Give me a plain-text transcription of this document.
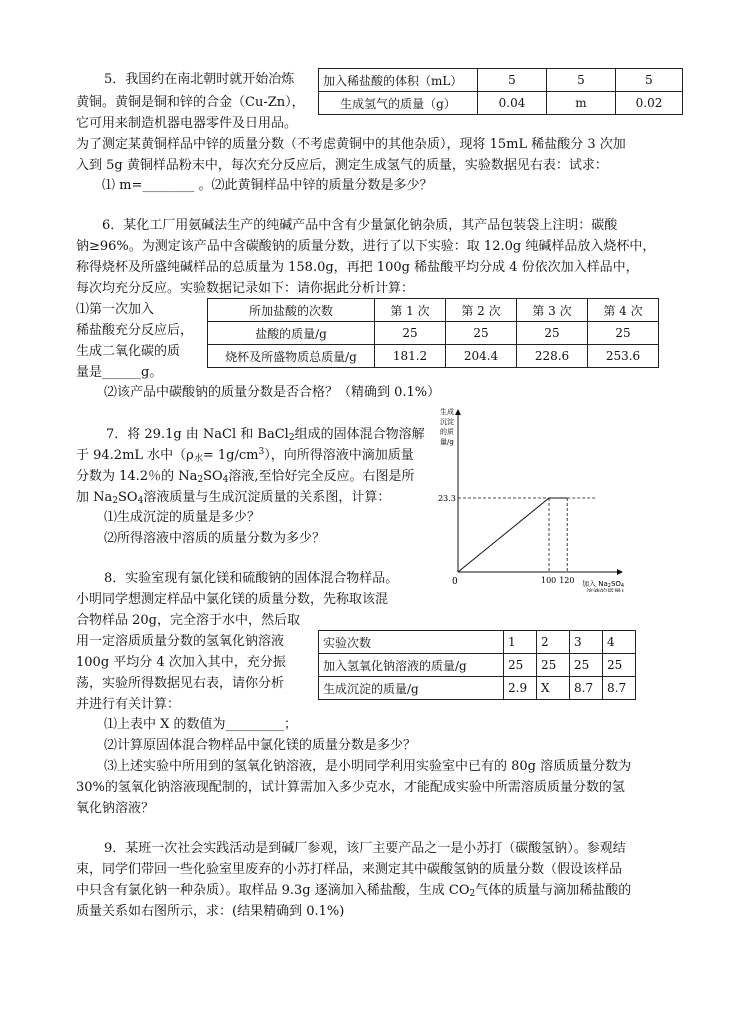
5．我国约在南北朝时就开始冶炼
黄铜。黄铜是铜和锌的合金（Cu-Zn），
它可用来制造机器电器零件及日用品。
为了测定某黄铜样品中锌的质量分数（不考虑黄铜中的其他杂质），现将 15mL 稀盐酸分 3 次加
入到 5g 黄铜样品粉末中，每次充分反应后，测定生成氢气的质量，实验数据见右表：试求：
⑴ m=________ 。⑵此黄铜样品中锌的质量分数是多少？
加入稀盐酸的体积（mL）	5	5	5
生成氢气的质量（g）	0.04	m	0.02
6．某化工厂用氨碱法生产的纯碱产品中含有少量氯化钠杂质，其产品包装袋上注明：碳酸
钠≥96%。为测定该产品中含碳酸钠的质量分数，进行了以下实验：取 12.0g 纯碱样品放入烧杯中，
称得烧杯及所盛纯碱样品的总质量为 158.0g，再把 100g 稀盐酸平均分成 4 份依次加入样品中，
每次均充分反应。实验数据记录如下：请你据此分析计算：
⑴第一次加入
稀盐酸充分反应后，
生成二氧化碳的质
量是______g。
⑵该产品中碳酸钠的质量分数是否合格？（精确到 0.1%）
所加盐酸的次数	第 1 次	第 2 次	第 3 次	第 4 次
盐酸的质量/g	25	25	25	25
烧杯及所盛物质总质量/g	181.2	204.4	228.6	253.6
7．将 29.1g 由 NaCl 和 BaCl$_2$组成的固体混合物溶解
于 94.2mL 水中$(\rho_水= 1g/cm^3)$，向所得溶液中滴加质量
分数为 14.2％的 $Na_2SO_4$溶液,至恰好完全反应。右图是所
加 $Na_2SO_4$溶液质量与生成沉淀质量的关系图，计算：
⑴生成沉淀的质量是多少？
⑵所得溶液中溶质的质量分数为多少？
生成
沉淀
的质
量/g
0
23.3
100 120 加入 Na2SO4
溶液的质量/g
8．实验室现有氯化镁和硫酸钠的固体混合物样品。
小明同学想测定样品中氯化镁的质量分数，先称取该混
合物样品 20g，完全溶于水中，然后取
用一定溶质质量分数的氢氧化钠溶液
100g 平均分 4 次加入其中，充分振
荡，实验所得数据见右表，请你分析
并进行有关计算：
⑴上表中 X 的数值为_________；
⑵计算原固体混合物样品中氯化镁的质量分数是多少？
⑶上述实验中所用到的氢氧化钠溶液，是小明同学利用实验室中已有的 80g 溶质质量分数为
30%的氢氧化钠溶液现配制的，试计算需加入多少克水，才能配成实验中所需溶质质量分数的氢
氧化钠溶液？
实验次数	1	2	3	4
加入氢氧化钠溶液的质量/g	25	25	25	25
生成沉淀的质量/g	2.9	X	8.7	8.7
9．某班一次社会实践活动是到碱厂参观，该厂主要产品之一是小苏打（碳酸氢钠）。参观结
束，同学们带回一些化验室里废弃的小苏打样品，来测定其中碳酸氢钠的质量分数（假设该样品
中只含有氯化钠一种杂质）。取样品 9.3g 逐滴加入稀盐酸，生成 $CO_2$气体的质量与滴加稀盐酸的
质量关系如右图所示，求：(结果精确到 0.1%)
